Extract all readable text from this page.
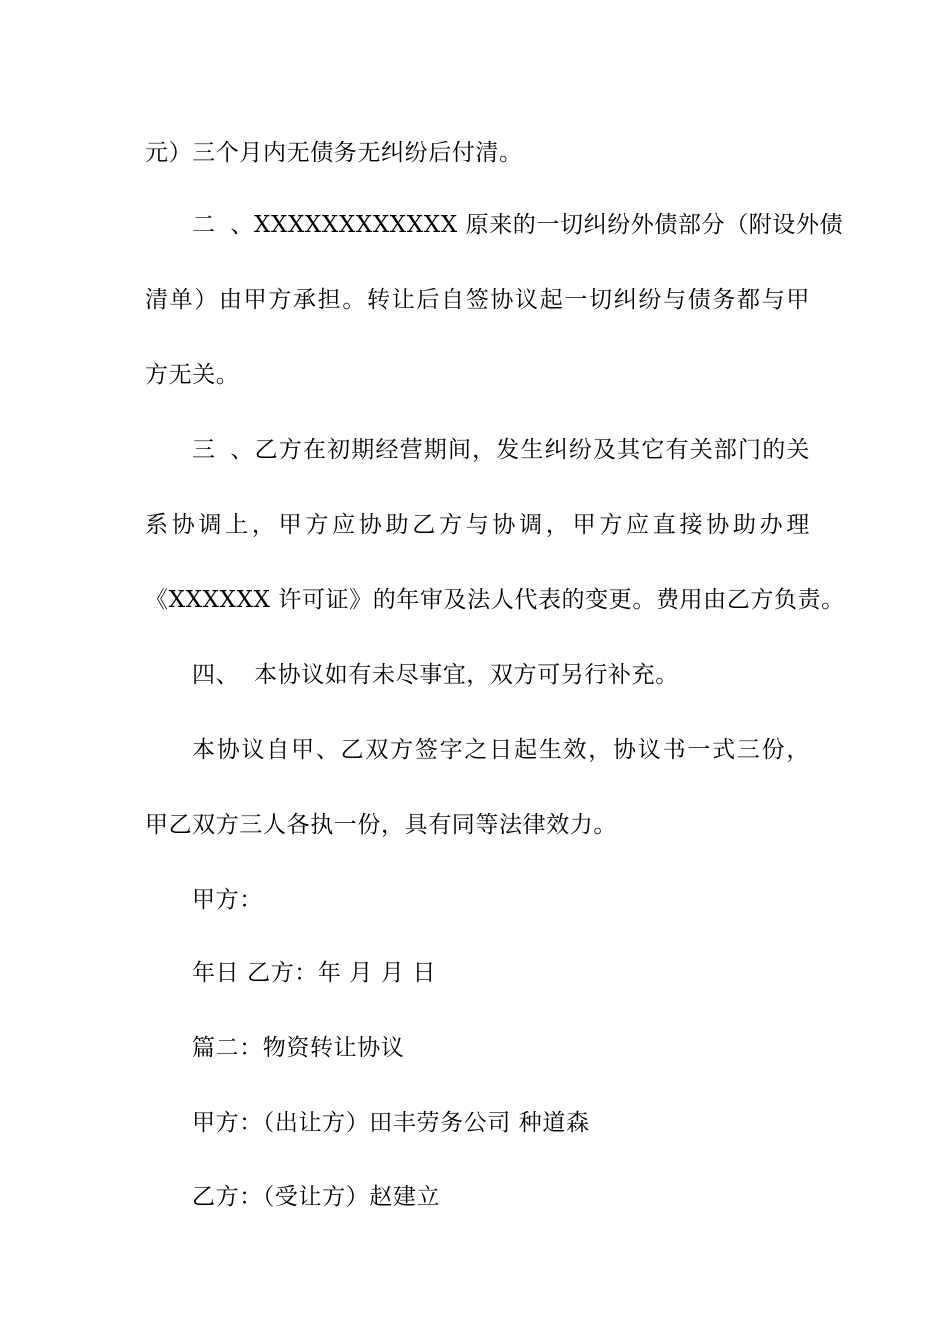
元）三个月内无债务无纠纷后付清。
二、XXXXXXXXXXXX 原来的一切纠纷外债部分（附设外债
清单）由甲方承担。转让后自签协议起一切纠纷与债务都与甲
方无关。
三、乙方在初期经营期间，发生纠纷及其它有关部门的关
系协调上，甲方应协助乙方与协调，甲方应直接协助办理
《XXXXXX 许可证》的年审及法人代表的变更。费用由乙方负责。
四、 本协议如有未尽事宜，双方可另行补充。
本协议自甲、乙双方签字之日起生效，协议书一式三份，
甲乙双方三人各执一份，具有同等法律效力。
甲方：
年日 乙方：年 月 月 日
篇二：物资转让协议
甲方：（出让方）田丰劳务公司 种道森
乙方：（受让方）赵建立
